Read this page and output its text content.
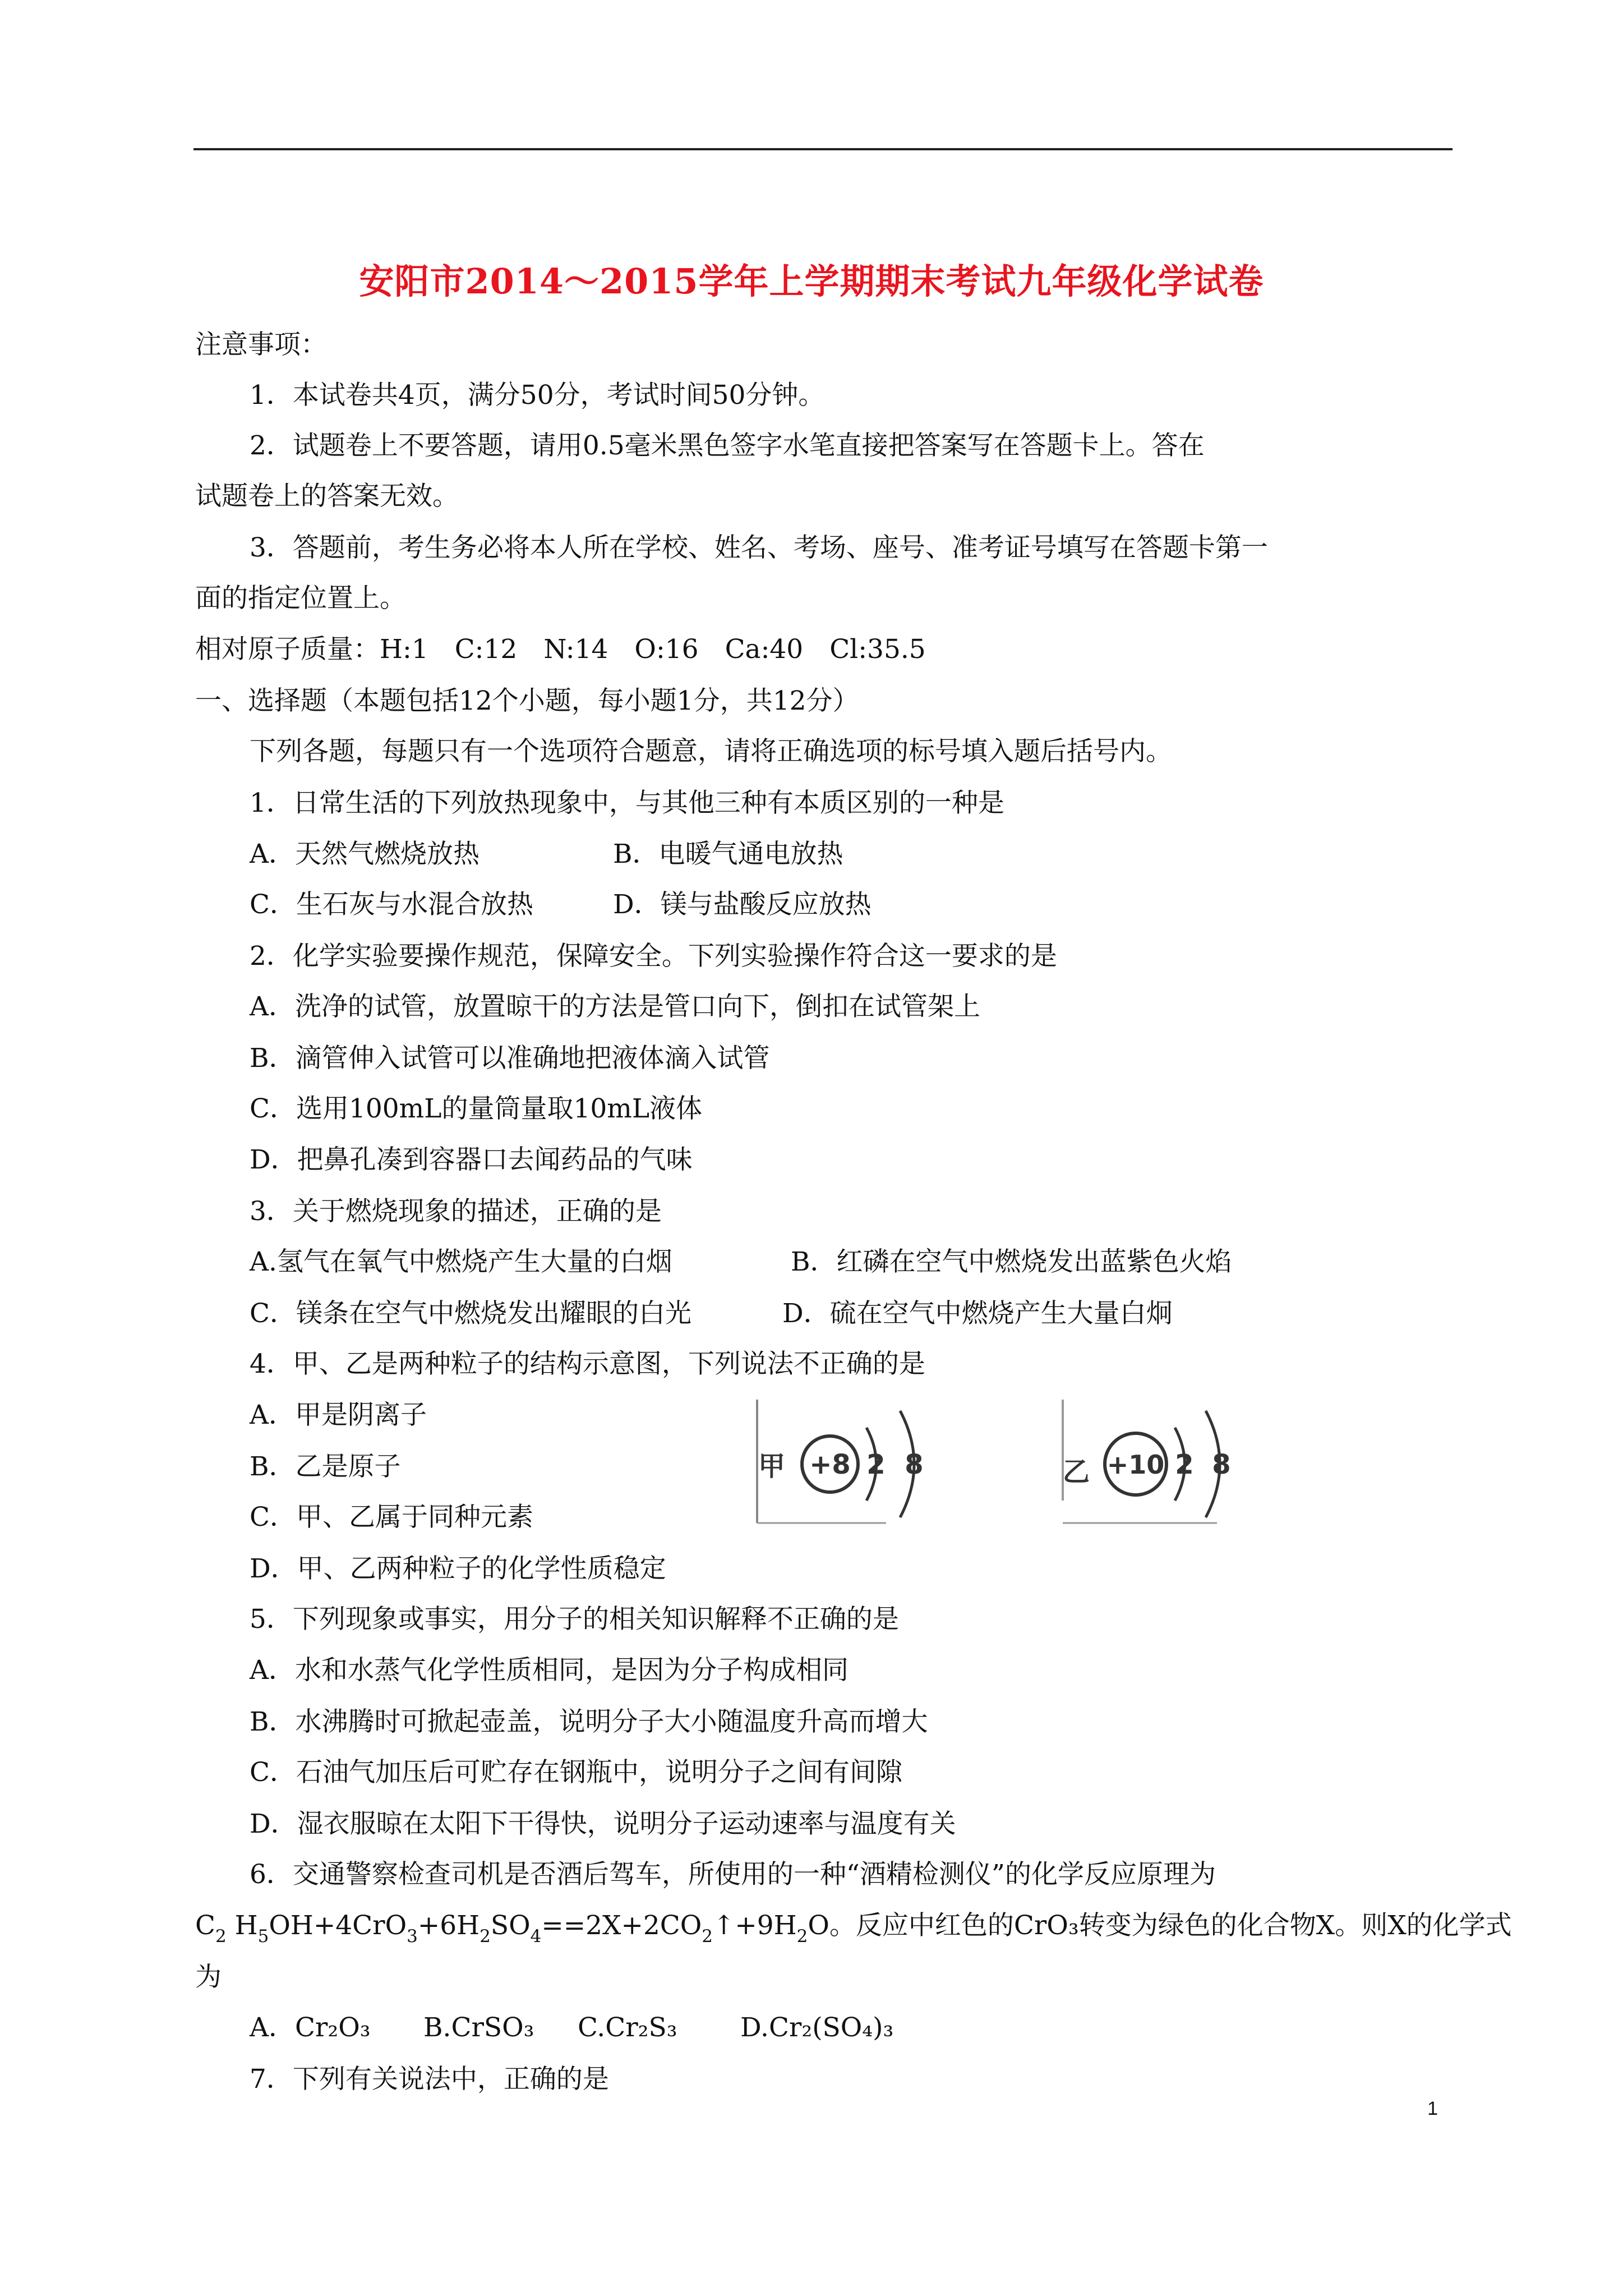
安阳市2014～2015学年上学期期末考试九年级化学试卷
注意事项：
1．本试卷共4页，满分50分，考试时间50分钟。
2．试题卷上不要答题，请用0.5毫米黑色签字水笔直接把答案写在答题卡上。答在
试题卷上的答案无效。
3．答题前，考生务必将本人所在学校、姓名、考场、座号、准考证号填写在答题卡第一
面的指定位置上。
相对原子质量：H:1　C:12　N:14　O:16　Ca:40　Cl:35.5
一、选择题（本题包括12个小题，每小题1分，共12分）
下列各题，每题只有一个选项符合题意，请将正确选项的标号填入题后括号内。
1．日常生活的下列放热现象中，与其他三种有本质区别的一种是
A．天然气燃烧放热	B．电暖气通电放热
C．生石灰与水混合放热	D．镁与盐酸反应放热
2．化学实验要操作规范，保障安全。下列实验操作符合这一要求的是
A．洗净的试管，放置晾干的方法是管口向下，倒扣在试管架上
B．滴管伸入试管可以准确地把液体滴入试管
C．选用100mL的量筒量取10mL液体
D．把鼻孔凑到容器口去闻药品的气味
3．关于燃烧现象的描述，正确的是
A.氢气在氧气中燃烧产生大量的白烟	B．红磷在空气中燃烧发出蓝紫色火焰
C．镁条在空气中燃烧发出耀眼的白光	D．硫在空气中燃烧产生大量白炯
4．甲、乙是两种粒子的结构示意图，下列说法不正确的是
A．甲是阴离子
B．乙是原子
C．甲、乙属于同种元素
D．甲、乙两种粒子的化学性质稳定
甲 +8 2 8	乙 +10 2 8
5．下列现象或事实，用分子的相关知识解释不正确的是
A．水和水蒸气化学性质相同，是因为分子构成相同
B．水沸腾时可掀起壶盖，说明分子大小随温度升高而增大
C．石油气加压后可贮存在钢瓶中，说明分子之间有间隙
D．湿衣服晾在太阳下干得快，说明分子运动速率与温度有关
6．交通警察检查司机是否酒后驾车，所使用的一种“酒精检测仪”的化学反应原理为
$C_2$ $H_5OH+4CrO_3+6H_2SO_4==2X+2CO_2↑+9H_2O$。反应中红色的CrO₃转变为绿色的化合物X。则X的化学式
为
A．Cr₂O₃ B.CrSO₃ C.Cr₂S₃ D.Cr₂(SO₄)₃
7．下列有关说法中，正确的是
1
